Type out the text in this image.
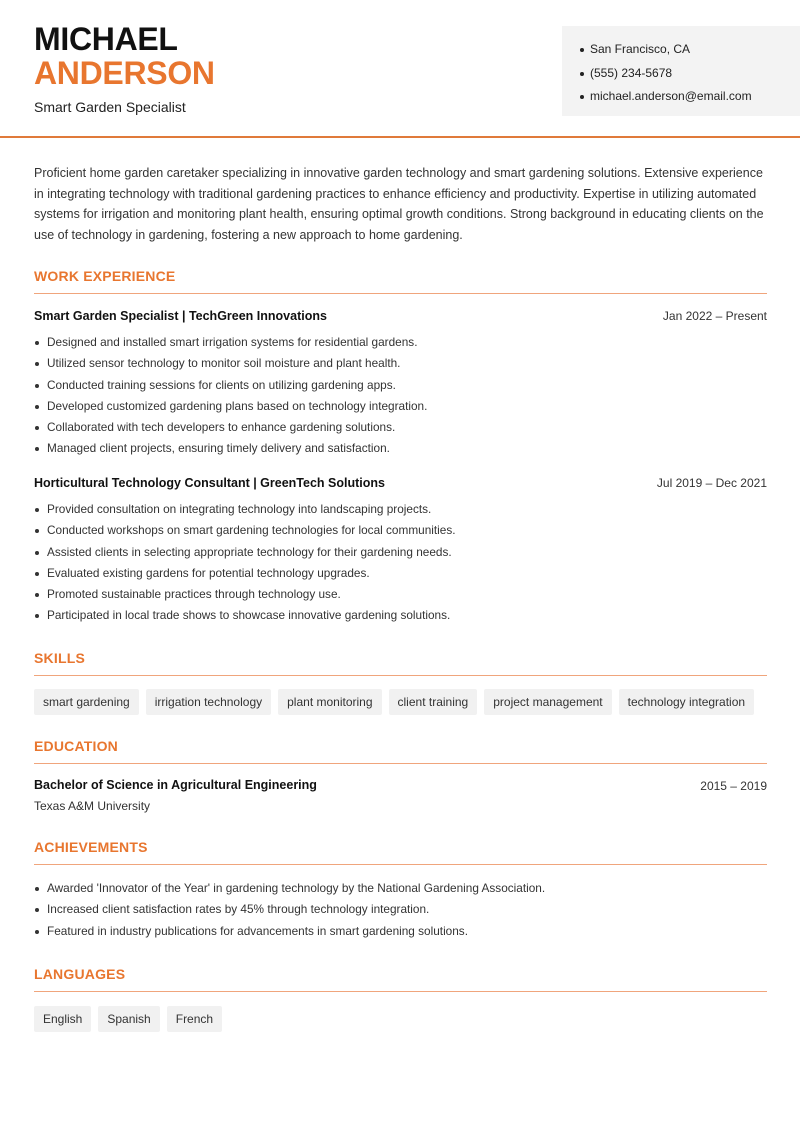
MICHAEL
ANDERSON
Smart Garden Specialist
San Francisco, CA
(555) 234-5678
michael.anderson@email.com
Proficient home garden caretaker specializing in innovative garden technology and smart gardening solutions. Extensive experience in integrating technology with traditional gardening practices to enhance efficiency and productivity. Expertise in utilizing automated systems for irrigation and monitoring plant health, ensuring optimal growth conditions. Strong background in educating clients on the use of technology in gardening, fostering a new approach to home gardening.
WORK EXPERIENCE
Smart Garden Specialist | TechGreen Innovations	Jan 2022 – Present
Designed and installed smart irrigation systems for residential gardens.
Utilized sensor technology to monitor soil moisture and plant health.
Conducted training sessions for clients on utilizing gardening apps.
Developed customized gardening plans based on technology integration.
Collaborated with tech developers to enhance gardening solutions.
Managed client projects, ensuring timely delivery and satisfaction.
Horticultural Technology Consultant | GreenTech Solutions	Jul 2019 – Dec 2021
Provided consultation on integrating technology into landscaping projects.
Conducted workshops on smart gardening technologies for local communities.
Assisted clients in selecting appropriate technology for their gardening needs.
Evaluated existing gardens for potential technology upgrades.
Promoted sustainable practices through technology use.
Participated in local trade shows to showcase innovative gardening solutions.
SKILLS
smart gardening	irrigation technology	plant monitoring	client training	project management	technology integration
EDUCATION
Bachelor of Science in Agricultural Engineering	2015 – 2019
Texas A&M University
ACHIEVEMENTS
Awarded 'Innovator of the Year' in gardening technology by the National Gardening Association.
Increased client satisfaction rates by 45% through technology integration.
Featured in industry publications for advancements in smart gardening solutions.
LANGUAGES
English	Spanish	French
